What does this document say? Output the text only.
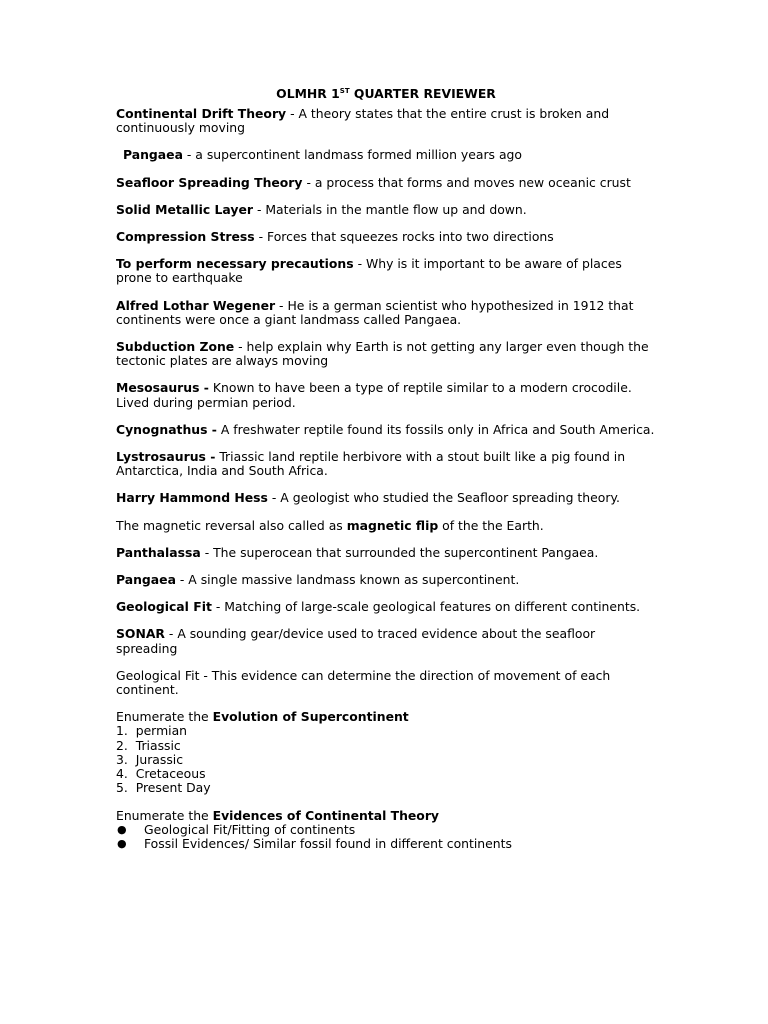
OLMHR 1ST QUARTER REVIEWER
Continental Drift Theory - A theory states that the entire crust is broken and continuously moving
Pangaea - a supercontinent landmass formed million years ago
Seafloor Spreading Theory - a process that forms and moves new oceanic crust
Solid Metallic Layer - Materials in the mantle flow up and down.
Compression Stress - Forces that squeezes rocks into two directions
To perform necessary precautions - Why is it important to be aware of places prone to earthquake
Alfred Lothar Wegener - He is a german scientist who hypothesized in 1912 that continents were once a giant landmass called Pangaea.
Subduction Zone - help explain why Earth is not getting any larger even though the tectonic plates are always moving
Mesosaurus - Known to have been a type of reptile similar to a modern crocodile. Lived during permian period.
Cynognathus - A freshwater reptile found its fossils only in Africa and South America.
Lystrosaurus - Triassic land reptile herbivore with a stout built like a pig found in Antarctica, India and South Africa.
Harry Hammond Hess - A geologist who studied the Seafloor spreading theory.
The magnetic reversal also called as magnetic flip of the the Earth.
Panthalassa - The superocean that surrounded the supercontinent Pangaea.
Pangaea - A single massive landmass known as supercontinent.
Geological Fit - Matching of large-scale geological features on different continents.
SONAR - A sounding gear/device used to traced evidence about the seafloor spreading
Geological Fit - This evidence can determine the direction of movement of each continent.
Enumerate the Evolution of Supercontinent
1.  permian
2.  Triassic
3.  Jurassic
4.  Cretaceous
5.  Present Day
Enumerate the Evidences of Continental Theory
●	Geological Fit/Fitting of continents
●	Fossil Evidences/ Similar fossil found in different continents
